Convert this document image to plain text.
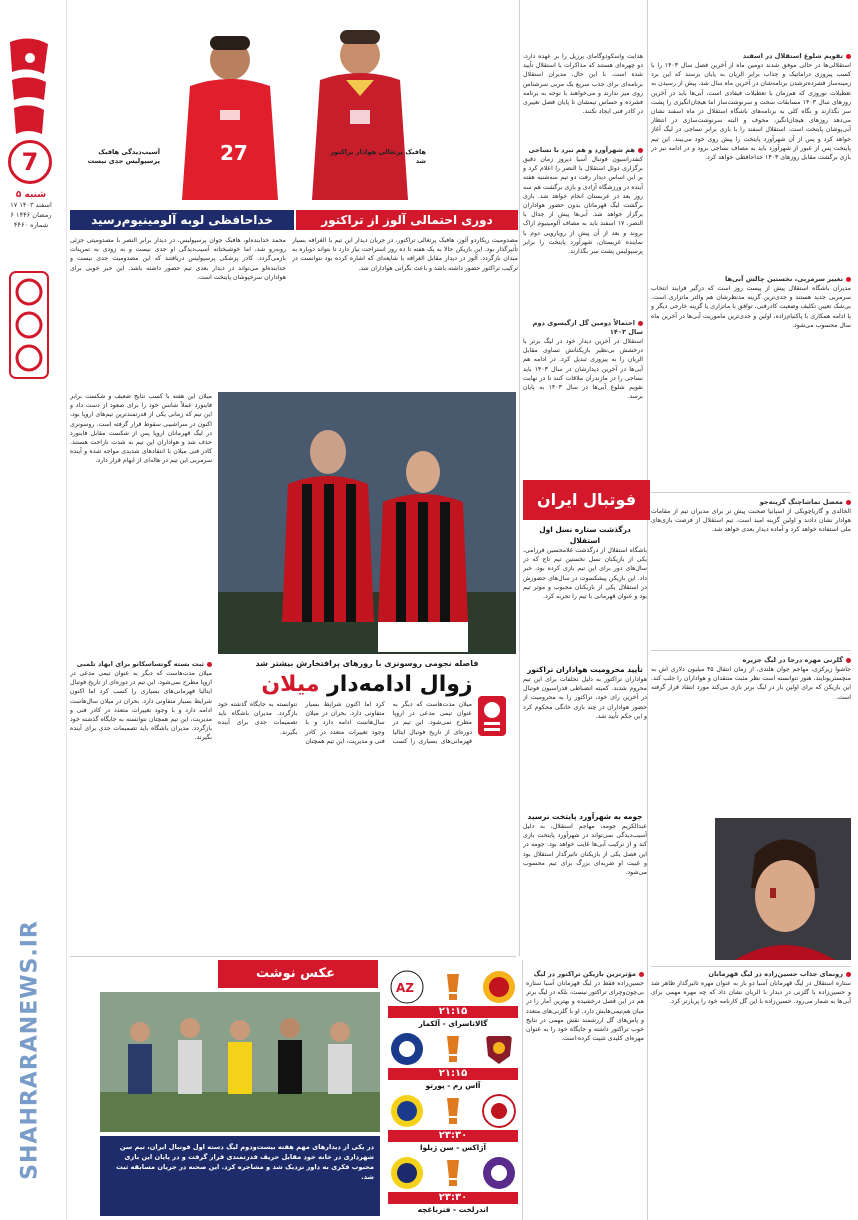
7
۵ شنبه
۱۷ اسفند ۱۴۰۳
۶ رمضان ۱۴۴۶
شماره ۴۴۶۰
SHAHRARANEWS.IR
27	هافبک پرتغالی هوادار تراکتور شد
آسیب‌دیدگی هافبک پرسپولیس جدی نیست
دوری احتمالی آلوز از تراکتور
خداحافظی لوبه آلومینیوم‌رسید
مصدومیت ریکاردو آلوز، هافبک پرتغالی تراکتور، در جریان دیدار این تیم با الغرافه بسیار تأثیرگذار بود. این بازیکن حالا به یک هفته تا ده روز استراحت نیاز دارد تا بتواند دوباره به میدان بازگردد. آلوز در دیدار مقابل الغرافه با شایعه‌ای که اشاره کرده بود نتوانست در ترکیب تراکتور حضور داشته باشد و باعث نگرانی هواداران شد.
محمد خدابنده‌لو، هافبک جوان پرسپولیس، در دیدار برابر النصر با مصدومیتی جزئی روبه‌رو شد، اما خوشبختانه آسیب‌دیدگی او جدی نیست و به زودی به تمرینات بازمی‌گردد. کادر پزشکی پرسپولیس دریافتند که این مصدومیت جدی نیست و خدابنده‌لو می‌تواند در دیدار بعدی تیم حضور داشته باشد. این خبر خوبی برای هواداران سرخپوشان پایتخت است.
تقویم شلوغ استقلال در اسفند
استقلالی‌ها در حالی موفق شدند دومین ماه از آخرین فصل سال ۱۴۰۳ را با کسب پیروزی دراماتیک و جذاب برابر الریان به پایان برسند که این برد زمینه‌ساز فشرده‌ترشدن برنامه‌شان در آخرین ماه سال شد. پیش از رسیدن به تعطیلات نوروزی که هم‌زمان با تعطیلات فیفادی است، آبی‌ها باید در آخرین روزهای سال ۱۴۰۳ مسابقات سخت و سرنوشت‌ساز اما هیجان‌انگیزی را پشت سر بگذارند و نگاه کلی به برنامه‌های باشگاه استقلال در ماه اسفند نشان می‌دهد روزهای هیجان‌انگیز، مخوف و البته سرنوشت‌سازی در انتظار آبی‌پوشان پایتخت است. استقلال اسفند را با بازی برابر نساجی در لیگ آغاز خواهد کرد و پس از آن شهرآورد پایتخت را پیش روی خود می‌بیند. این تیم پایتخت پس از عبور از شهرآورد باید به مصاف نساجی برود و در ادامه نیز در بازی برگشت مقابل روزهای ۱۴۰۳ خداحافظی خواهد کرد.
تغییر سرمربی، نخستین چالش آبی‌ها
مدیران باشگاه استقلال پیش از پیست روز است که درگیر فرایند انتخاب سرمربی جدید هستند و جدی‌ترین گزینه مدنظرشان هم والتر ماتزاری است. بی‌شک تعیین تکلیف وضعیت کادرفنی، توافق با ماتزاری یا گزینه خارجی دیگر و یا ادامه همکاری با پاکنیام‌زاده، اولین و جدی‌ترین ماموریت آبی‌ها در آخرین ماه سال محسوب می‌شود.
معضل تماشاچنگ گزینه‌جو
الخالدی و گاریاچویکی از اسپانیا صحبت پیش تر برای مدیران تیم از مقامات هوادار نشان دادند و اولین گزینه امید است. تیم استقلال از فرصت بازی‌های ملی استفاده خواهد کرد و آماده دیدار بعدی خواهد شد.
گلزنی مهره درجا در لیگ جزیره
جاشوا زیرکزی، مهاجم جوان هلندی، از زمان انتقال ۴۵ میلیون دلاری اش به منچستریونایتد، هنوز نتوانسته است نظر مثبت منتقدان و هواداران را جلب کند. این بازیکن که برای اولین بار در لیگ برتر بازی می‌کند مورد انتقاد قرار گرفته است.
رونمای جذاب حسین‌زاده در لیگ قهرمانان
ستاره استقلال در لیگ قهرمانان آسیا دو بار به عنوان مهره تاثیرگذار ظاهر شد و حسین‌زاده با گلزنی در دیدار با الریان نشان داد که چه مهره مهمی برای آبی‌ها به شمار می‌رود. حسین‌زاده با این گل کارنامه خود را پربارتر کرد.
هدایت واسکودوگامای برزیل را بر عهده دارد، دو چهره‌ای هستند که مذاکرات با استقلال تأیید شده است. با این حال، مدیران استقلال برنامه‌ای برای جذب سریع یک مربی سرشناس روی میز ندارند و می‌خواهند با توجه به برنامه فشرده و حساس تیمشان تا پایان فصل تغییری در کادر فنی ایجاد نکنند.
هم شهرآورد و هم نبرد با نساجی
کنفدراسیون فوتبال آسیا دیروز زمان دقیق برگزاری دوئل استقلال با النصر را اعلام کرد و بر این اساس دیدار رفت دو تیم سه‌شنبه هفته آینده در ورزشگاه آزادی و بازی برگشت هم سه روز بعد در عربستان انجام خواهد شد. بازی برگشت لیگ قهرمانان بدون حضور هواداران برگزار خواهد شد. آبی‌ها پیش از جدال با النصر، ۱۷ اسفند باید به مصاف آلومینیوم اراک بروند و بعد از آن پیش از رویارویی دوم با نماینده عربستان، شهرآورد پایتخت را برابر پرسپولیس پشت سر بگذارند.
احتمالاً دومین گل ازگیسوی دوم سال ۱۴۰۳
استقلال در آخرین دیدار خود در لیگ برتر با درخشش بی‌نظیر بازیکنانش تساوی مقابل الریان را به پیروزی تبدیل کرد. در ادامه هم آبی‌ها در آخرین دیدارشان در سال ۱۴۰۳ باید نساجی را در مازندران ملاقات کنند تا در نهایت تقویم شلوغ آبی‌ها در سال ۱۴۰۳ به پایان برسد.
فوتبال ایران
درگذشت ستاره نسل اول استقلال
باشگاه استقلال از درگذشت غلامحسین فرزامی، یکی از بازیکنان نسل نخستین تیم تاج که در سال‌های دور برای این تیم بازی کرده بود، خبر داد. این بازیکن پیشکسوت در سال‌های حضورش در استقلال یکی از بازیکنان محبوب و موثر تیم بود و عنوان قهرمانی با تیم را تجربه کرد.
تأیید محرومیت هواداران تراکتور
هواداران تراکتور به دلیل تخلفات برای این تیم محروم شدند. کمیته انضباطی فدراسیون فوتبال در آخرین رای خود، تراکتور را به محرومیت از حضور هواداران در چند بازی خانگی محکوم کرد و این حکم تأیید شد.
جومه به شهرآورد پایتخت نرسید
عبدالکریم جومه، مهاجم استقلال، به دلیل آسیب‌دیدگی نمی‌تواند در شهرآورد پایتخت بازی کند و از ترکیب آبی‌ها غایب خواهد بود. جومه در این فصل یکی از بازیکنان تاثیرگذار استقلال بود و غیبت او ضربه‌ای بزرگ برای تیم محسوب می‌شود.
میلان این هفته با کسب نتایج ضعیف و شکست برابر فاینورد عملاً شانس خود را برای صعود از دست داد و این تیم که زمانی یکی از قدرتمندترین تیم‌های اروپا بود، اکنون در سراشیبی سقوط قرار گرفته است. روسونری در لیگ قهرمانان اروپا پس از شکست مقابل فاینورد حذف شد و هواداران این تیم به شدت ناراحت هستند. کادر فنی میلان با انتقادهای شدیدی مواجه شده و آینده سرمربی این تیم در هاله‌ای از ابهام قرار دارد.
فاصله نجومی روسونری با روزهای پرافتخارش بیشتر شد
زوال ادامه‌دار میلان
میلان مدت‌هاست که دیگر به عنوان تیمی مدعی در اروپا مطرح نمی‌شود. این تیم در دوره‌ای از تاریخ فوتبال ایتالیا قهرمانی‌های بسیاری را کسب کرد اما اکنون شرایط بسیار متفاوتی دارد. بحران در میلان سال‌هاست ادامه دارد و با وجود تغییرات متعدد در کادر فنی و مدیریت، این تیم همچنان نتوانسته به جایگاه گذشته خود بازگردد. مدیران باشگاه باید تصمیمات جدی برای آینده بگیرند.
ثبت بسته گوتساسکانو برای ابهاد تلمبی
میلان مدت‌هاست که دیگر به عنوان تیمی مدعی در اروپا مطرح نمی‌شود. این تیم در دوره‌ای از تاریخ فوتبال ایتالیا قهرمانی‌های بسیاری را کسب کرد اما اکنون شرایط بسیار متفاوتی دارد. بحران در میلان سال‌هاست ادامه دارد و با وجود تغییرات متعدد در کادر فنی و مدیریت، این تیم همچنان نتوانسته به جایگاه گذشته خود بازگردد. مدیران باشگاه باید تصمیمات جدی برای آینده بگیرند.
AZ
۲۱:۱۵
گالاتاسرای - آلکمار
۲۱:۱۵
آاس رم - پورتو
۲۳:۳۰
آژاکس - سن ژیلوا
۲۳:۳۰
اندرلخت - فنرباغچه
مؤثرترین بازیکن تراکتور در لیگ
حسین‌زاده فقط در لیگ قهرمانان آسیا ستاره بی‌چون‌وچرای تراکتور نیست، بلکه در لیگ برتر هم در این فصل درخشیده و بهترین آمار را در میان هم‌تیمی‌هایش دارد. او با گلزنی‌های متعدد و پاس‌های گل ارزشمند نقش مهمی در نتایج خوب تراکتور داشته و جایگاه خود را به عنوان مهره‌ای کلیدی تثبیت کرده است.
عکس نوشت
در یکی از دیدارهای مهم هفته بیست‌ودوم لیگ دسته اول فوتبال ایران، تیم سن شهرداری در خانه خود مقابل حریف قدرتمندی قرار گرفت و در پایان این بازی محبوب فکری به داور نزدیک شد و مشاجره کرد. این صحنه در جریان مسابقه ثبت شد.
